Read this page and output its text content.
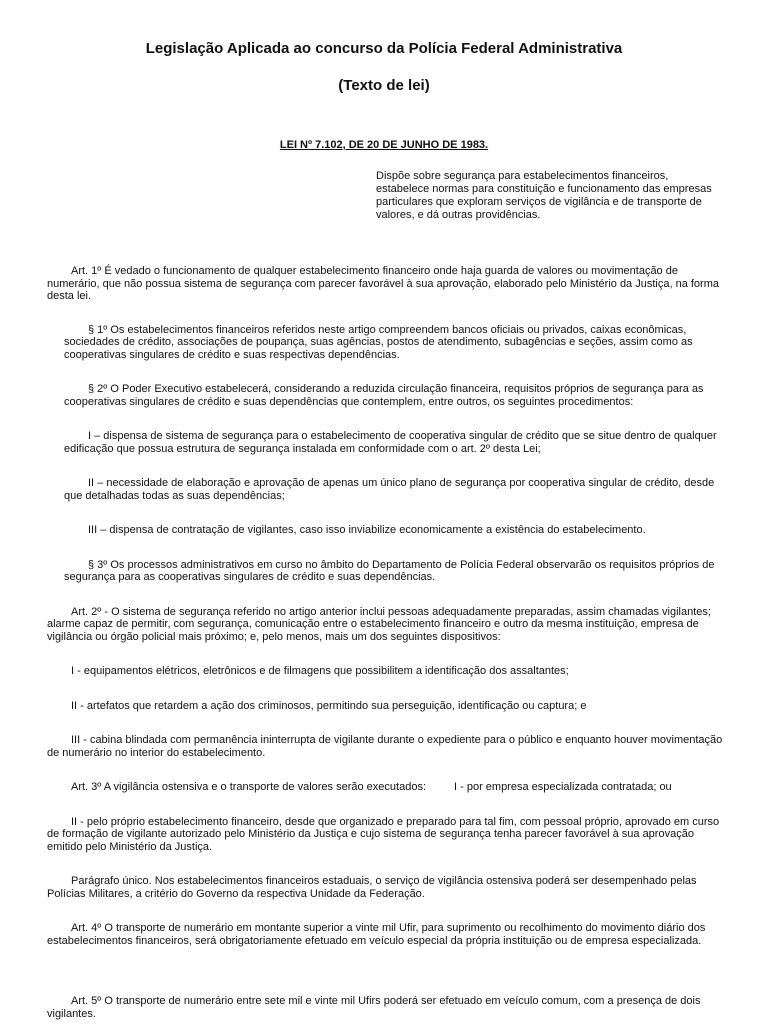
Legislação Aplicada ao concurso da Polícia Federal Administrativa
(Texto de lei)

LEI Nº 7.102, DE 20 DE JUNHO DE 1983.

Dispõe sobre segurança para estabelecimentos financeiros, estabelece normas para constituição e funcionamento das empresas particulares que exploram serviços de vigilância e de transporte de valores, e dá outras providências.

Art. 1º É vedado o funcionamento de qualquer estabelecimento financeiro onde haja guarda de valores ou movimentação de numerário, que não possua sistema de segurança com parecer favorável à sua aprovação, elaborado pelo Ministério da Justiça, na forma desta lei.

§ 1º Os estabelecimentos financeiros referidos neste artigo compreendem bancos oficiais ou privados, caixas econômicas, sociedades de crédito, associações de poupança, suas agências, postos de atendimento, subagências e seções, assim como as cooperativas singulares de crédito e suas respectivas dependências.

§ 2º O Poder Executivo estabelecerá, considerando a reduzida circulação financeira, requisitos próprios de segurança para as cooperativas singulares de crédito e suas dependências que contemplem, entre outros, os seguintes procedimentos:

I – dispensa de sistema de segurança para o estabelecimento de cooperativa singular de crédito que se situe dentro de qualquer edificação que possua estrutura de segurança instalada em conformidade com o art. 2º desta Lei;

II – necessidade de elaboração e aprovação de apenas um único plano de segurança por cooperativa singular de crédito, desde que detalhadas todas as suas dependências;

III – dispensa de contratação de vigilantes, caso isso inviabilize economicamente a existência do estabelecimento.

§ 3º Os processos administrativos em curso no âmbito do Departamento de Polícia Federal observarão os requisitos próprios de segurança para as cooperativas singulares de crédito e suas dependências.

Art. 2º - O sistema de segurança referido no artigo anterior inclui pessoas adequadamente preparadas, assim chamadas vigilantes; alarme capaz de permitir, com segurança, comunicação entre o estabelecimento financeiro e outro da mesma instituição, empresa de vigilância ou órgão policial mais próximo; e, pelo menos, mais um dos seguintes dispositivos:

I - equipamentos elétricos, eletrônicos e de filmagens que possibilitem a identificação dos assaltantes;

II - artefatos que retardem a ação dos criminosos, permitindo sua perseguição, identificação ou captura; e

III - cabina blindada com permanência ininterrupta de vigilante durante o expediente para o público e enquanto houver movimentação de numerário no interior do estabelecimento.

Art. 3º A vigilância ostensiva e o transporte de valores serão executados:	I - por empresa especializada contratada; ou

II - pelo próprio estabelecimento financeiro, desde que organizado e preparado para tal fim, com pessoal próprio, aprovado em curso de formação de vigilante autorizado pelo Ministério da Justiça e cujo sistema de segurança tenha parecer favorável à sua aprovação emitido pelo Ministério da Justiça.

Parágrafo único. Nos estabelecimentos financeiros estaduais, o serviço de vigilância ostensiva poderá ser desempenhado pelas Polícias Militares, a critério do Governo da respectiva Unidade da Federação.

Art. 4º O transporte de numerário em montante superior a vinte mil Ufir, para suprimento ou recolhimento do movimento diário dos estabelecimentos financeiros, será obrigatoriamente efetuado em veículo especial da própria instituição ou de empresa especializada.

Art. 5º O transporte de numerário entre sete mil e vinte mil Ufirs poderá ser efetuado em veículo comum, com a presença de dois vigilantes.
